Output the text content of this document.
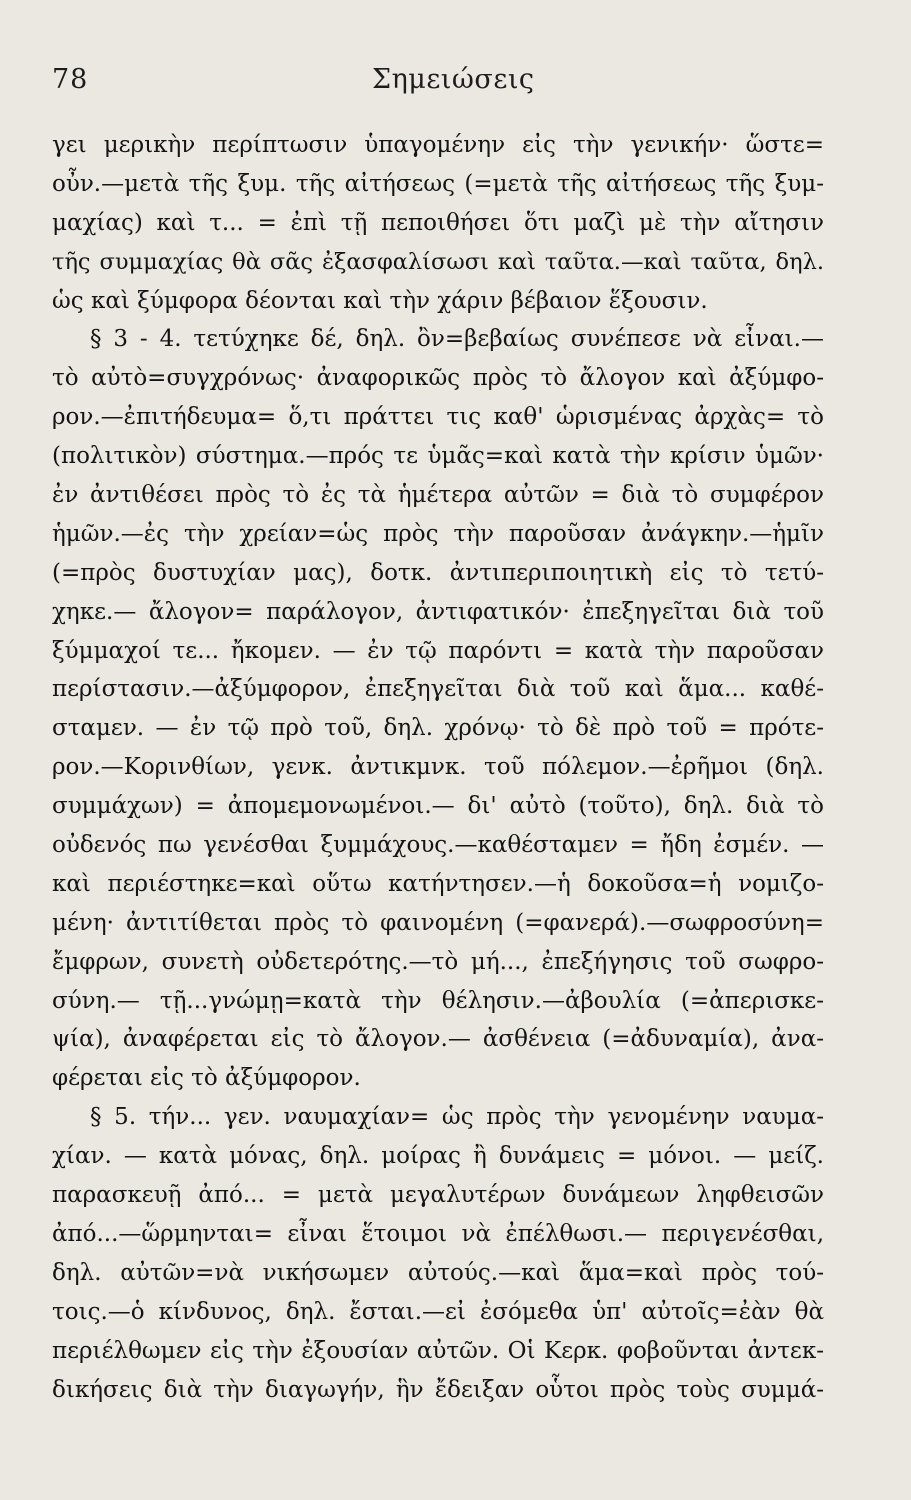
78	Σημειώσεις
γει μερικὴν περίπτωσιν ὑπαγομένην εἰς τὴν γενικήν· ὥστε=
οὖν.—μετὰ τῆς ξυμ. τῆς αἰτήσεως (=μετὰ τῆς αἰτήσεως τῆς ξυμ-
μαχίας) καὶ τ... = ἐπὶ τῇ πεποιθήσει ὅτι μαζὶ μὲ τὴν αἴτησιν
τῆς συμμαχίας θὰ σᾶς ἐξασφαλίσωσι καὶ ταῦτα.—καὶ ταῦτα, δηλ.
ὡς καὶ ξύμφορα δέονται καὶ τὴν χάριν βέβαιον ἕξουσιν.
§ 3 - 4. τετύχηκε δέ, δηλ. ὂν=βεβαίως συνέπεσε νὰ εἶναι.—
τὸ αὐτὸ=συγχρόνως· ἀναφορικῶς πρὸς τὸ ἄλογον καὶ ἀξύμφο-
ρον.—ἐπιτήδευμα= ὅ,τι πράττει τις καθ' ὡρισμένας ἀρχὰς= τὸ
(πολιτικὸν) σύστημα.—πρός τε ὑμᾶς=καὶ κατὰ τὴν κρίσιν ὑμῶν·
ἐν ἀντιθέσει πρὸς τὸ ἐς τὰ ἡμέτερα αὐτῶν = διὰ τὸ συμφέρον
ἡμῶν.—ἐς τὴν χρείαν=ὡς πρὸς τὴν παροῦσαν ἀνάγκην.—ἡμῖν
(=πρὸς δυστυχίαν μας), δοτκ. ἀντιπεριποιητικὴ εἰς τὸ τετύ-
χηκε.— ἄλογον= παράλογον, ἀντιφατικόν· ἐπεξηγεῖται διὰ τοῦ
ξύμμαχοί τε... ἤκομεν. — ἐν τῷ παρόντι = κατὰ τὴν παροῦσαν
περίστασιν.—ἀξύμφορον, ἐπεξηγεῖται διὰ τοῦ καὶ ἅμα... καθέ-
σταμεν. — ἐν τῷ πρὸ τοῦ, δηλ. χρόνῳ· τὸ δὲ πρὸ τοῦ = πρότε-
ρον.—Κορινθίων, γενκ. ἀντικμνκ. τοῦ πόλεμον.—ἐρῆμοι (δηλ.
συμμάχων) = ἀπομεμονωμένοι.— δι' αὐτὸ (τοῦτο), δηλ. διὰ τὸ
οὐδενός πω γενέσθαι ξυμμάχους.—καθέσταμεν = ἤδη ἐσμέν. —
καὶ περιέστηκε=καὶ οὕτω κατήντησεν.—ἡ δοκοῦσα=ἡ νομιζο-
μένη· ἀντιτίθεται πρὸς τὸ φαινομένη (=φανερά).—σωφροσύνη=
ἔμφρων, συνετὴ οὐδετερότης.—τὸ μή..., ἐπεξήγησις τοῦ σωφρο-
σύνη.— τῇ...γνώμῃ=κατὰ τὴν θέλησιν.—ἀβουλία (=ἀπερισκε-
ψία), ἀναφέρεται εἰς τὸ ἄλογον.— ἀσθένεια (=ἀδυναμία), ἀνα-
φέρεται εἰς τὸ ἀξύμφορον.
§ 5. τήν... γεν. ναυμαχίαν= ὡς πρὸς τὴν γενομένην ναυμα-
χίαν. — κατὰ μόνας, δηλ. μοίρας ἢ δυνάμεις = μόνοι. — μείζ.
παρασκευῇ ἀπό... = μετὰ μεγαλυτέρων δυνάμεων ληφθεισῶν
ἀπό...—ὥρμηνται= εἶναι ἕτοιμοι νὰ ἐπέλθωσι.— περιγενέσθαι,
δηλ. αὐτῶν=νὰ νικήσωμεν αὐτούς.—καὶ ἅμα=καὶ πρὸς τού-
τοις.—ὁ κίνδυνος, δηλ. ἔσται.—εἰ ἐσόμεθα ὑπ' αὐτοῖς=ἐὰν θὰ
περιέλθωμεν εἰς τὴν ἐξουσίαν αὐτῶν. Οἱ Κερκ. φοβοῦνται ἀντεκ-
δικήσεις διὰ τὴν διαγωγήν, ἣν ἔδειξαν οὗτοι πρὸς τοὺς συμμά-
